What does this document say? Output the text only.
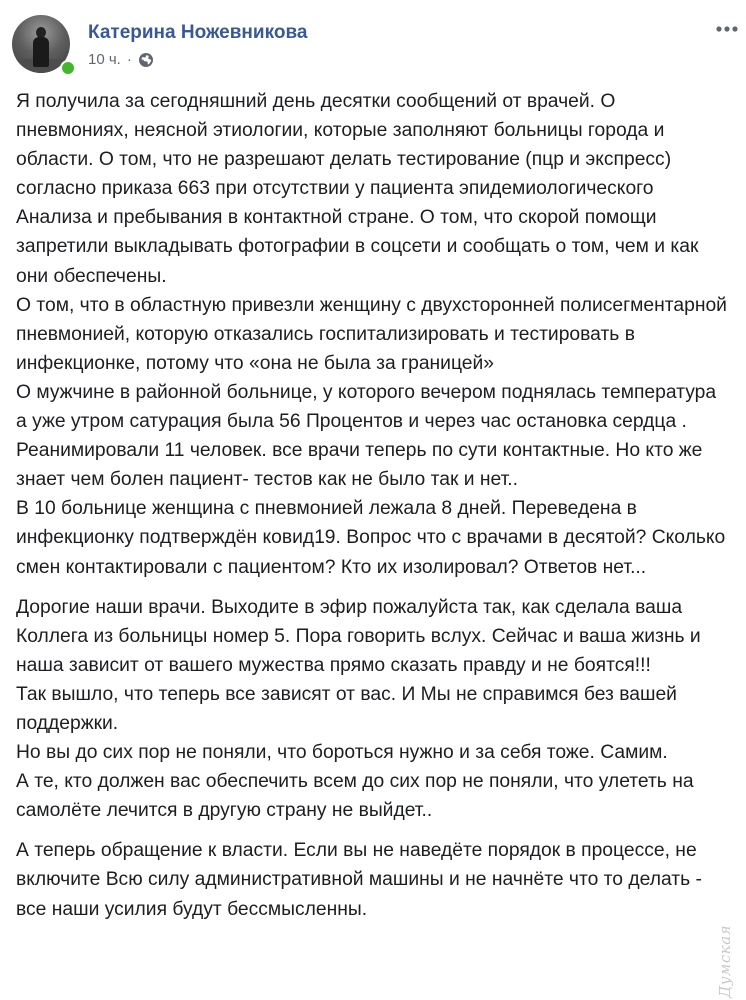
Катерина Ножевникова
10 ч. ·

Я получила за сегодняшний день десятки сообщений от врачей. О пневмониях, неясной этиологии, которые заполняют больницы города и области. О том, что не разрешают делать тестирование (пцр и экспресс) согласно приказа 663 при отсутствии у пациента эпидемиологического Анализа и пребывания в контактной стране. О том, что скорой помощи запретили выкладывать фотографии в соцсети и сообщать о том, чем и как они обеспечены.

О том, что в областную привезли женщину с двухсторонней полисегментарной пневмонией, которую отказались госпитализировать и тестировать в инфекционке, потому что «она не была за границей»

О мужчине в районной больнице, у которого вечером поднялась температура а уже утром сатурация была 56 Процентов и через час остановка сердца . Реанимировали 11 человек. все врачи теперь по сути контактные. Но кто же знает чем болен пациент- тестов как не было так и нет..

В 10 больнице женщина с пневмонией лежала 8 дней. Переведена в инфекционку подтверждён ковид19. Вопрос что с врачами в десятой? Сколько смен контактировали с пациентом? Кто их изолировал? Ответов нет...

Дорогие наши врачи. Выходите в эфир пожалуйста так, как сделала ваша Коллега из больницы номер 5. Пора говорить вслух. Сейчас и ваша жизнь и наша зависит от вашего мужества прямо сказать правду и не боятся!!!

Так вышло, что теперь все зависят от вас. И Мы не справимся без вашей поддержки.

Но вы до сих пор не поняли, что бороться нужно и за себя тоже. Самим.

А те, кто должен вас обеспечить всем до сих пор не поняли, что улететь на самолёте лечится в другую страну не выйдет..

А теперь обращение к власти. Если вы не наведёте порядок в процессе, не включите Всю силу административной машины и не начнёте что то делать - все наши усилия будут бессмысленны.

Думская
